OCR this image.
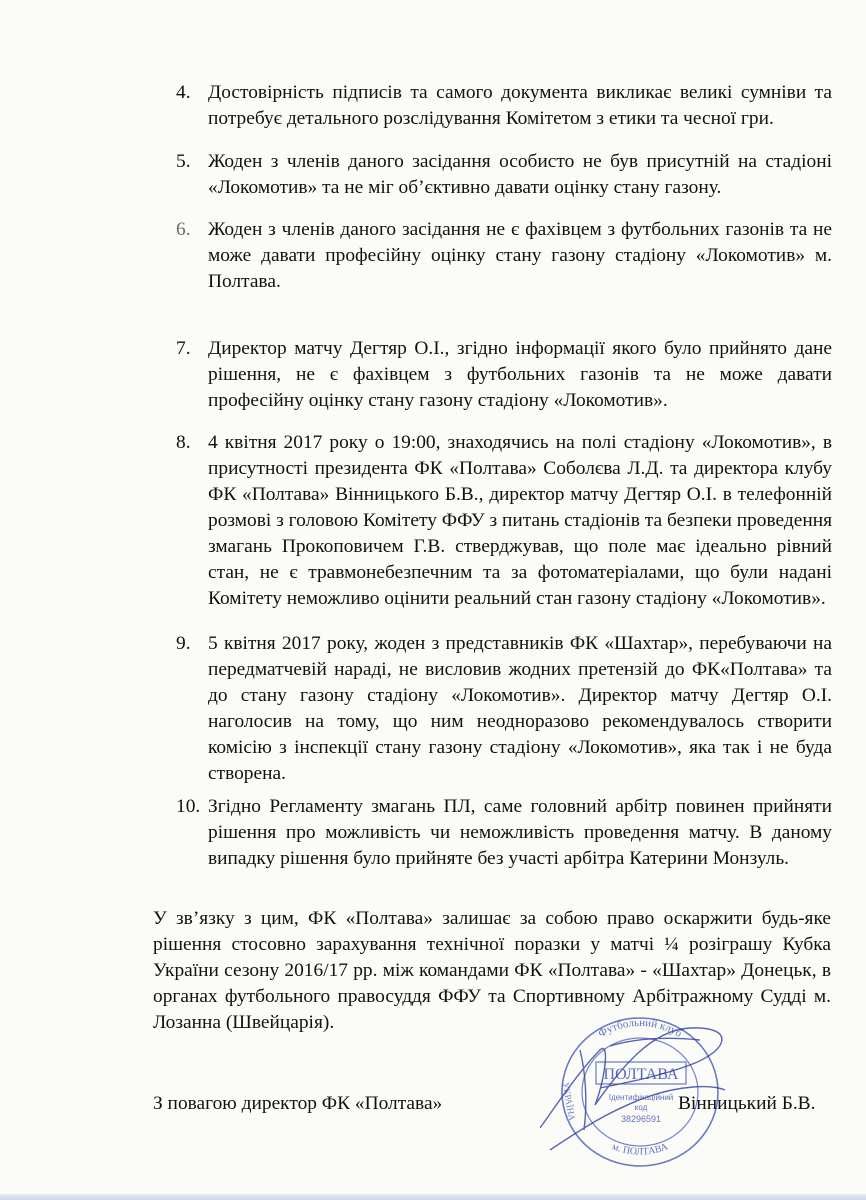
4. Достовірність підписів та самого документа викликає великі сумніви та потребує детального розслідування Комітетом з етики та чесної гри.
5. Жоден з членів даного засідання особисто не був присутній на стадіоні «Локомотив» та не міг об’єктивно давати оцінку стану газону.
6. Жоден з членів даного засідання не є фахівцем з футбольних газонів та не може давати професійну оцінку стану газону стадіону «Локомотив» м. Полтава.
7. Директор матчу Дегтяр О.І., згідно інформації якого було прийнято дане рішення, не є фахівцем з футбольних газонів та не може давати професійну оцінку стану газону стадіону «Локомотив».
8. 4 квітня 2017 року о 19:00, знаходячись на полі стадіону «Локомотив», в присутності президента ФК «Полтава» Соболєва Л.Д. та директора клубу ФК «Полтава» Вінницького Б.В., директор матчу Дегтяр О.І. в телефонній розмові з головою Комітету ФФУ з питань стадіонів та безпеки проведення змагань Прокоповичем Г.В. стверджував, що поле має ідеально рівний стан, не є травмонебезпечним та за фотоматеріалами, що були надані Комітету неможливо оцінити реальний стан газону стадіону «Локомотив».
9. 5 квітня 2017 року, жоден з представників ФК «Шахтар», перебуваючи на передматчевій нараді, не висловив жодних претензій до ФК«Полтава» та до стану газону стадіону «Локомотив». Директор матчу Дегтяр О.І. наголосив на тому, що ним неодноразово рекомендувалось створити комісію з інспекції стану газону стадіону «Локомотив», яка так і не буда створена.
10. Згідно Регламенту змагань ПЛ, саме головний арбітр повинен прийняти рішення про можливість чи неможливість проведення матчу. В даному випадку рішення було прийняте без участі арбітра Катерини Монзуль.
У зв’язку з цим, ФК «Полтава» залишає за собою право оскаржити будь-яке рішення стосовно зарахування технічної поразки у матчі ¼ розіграшу Кубка України сезону 2016/17 рр. між командами ФК «Полтава» - «Шахтар» Донецьк, в органах футбольного правосуддя ФФУ та Спортивному Арбітражному Судді м. Лозанна (Швейцарія).	Футбольний клуб
м. ПОЛТАВА
УКРАЇНА
ПОЛТАВА
Ідентифікаційний
код
38296591
З повагою директор ФК «Полтава»	Вінницький Б.В.
